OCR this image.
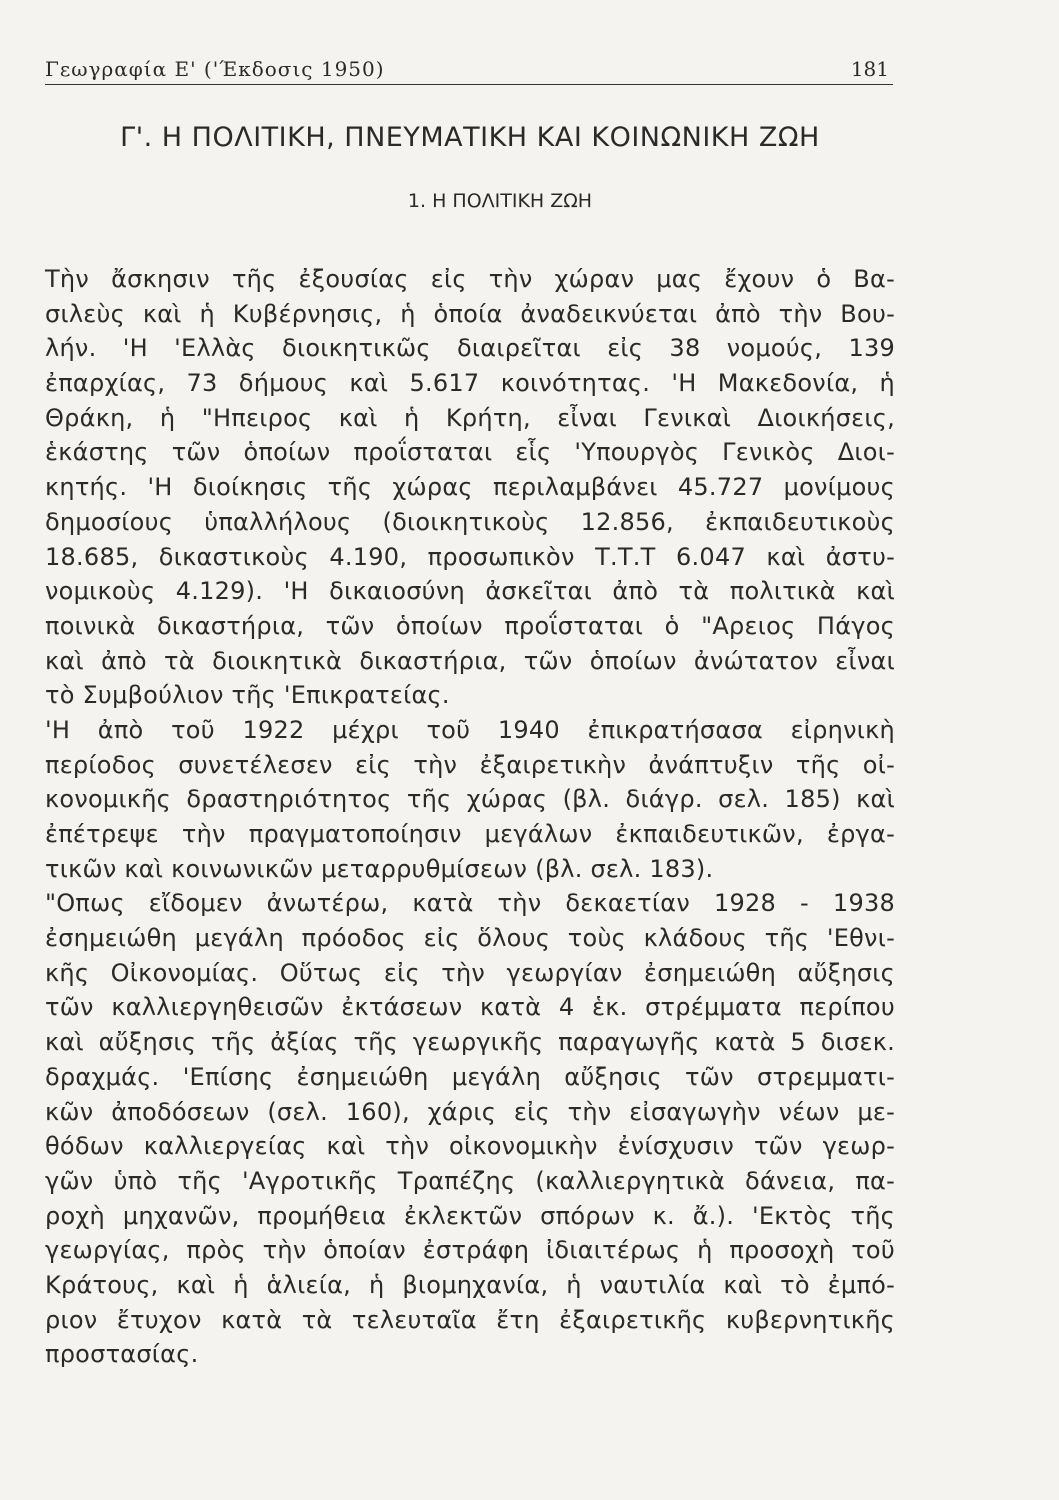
Γεωγραφία Ε' ('Έκδοσις 1950)	181
Γ'. Η ΠΟΛΙΤΙΚΗ, ΠΝΕΥΜΑΤΙΚΗ ΚΑΙ ΚΟΙΝΩΝΙΚΗ ΖΩΗ
1. Η ΠΟΛΙΤΙΚΗ ΖΩΗ
Τὴν ἄσκησιν τῆς ἐξουσίας εἰς τὴν χώραν μας ἔχουν ὁ Βα-
σιλεὺς καὶ ἡ Κυβέρνησις, ἡ ὁποία ἀναδεικνύεται ἀπὸ τὴν Βου-
λήν. 'Η 'Ελλὰς διοικητικῶς διαιρεῖται εἰς 38 νομούς, 139
ἐπαρχίας, 73 δήμους καὶ 5.617 κοινότητας. 'Η Μακεδονία, ἡ
Θράκη, ἡ "Ηπειρος καὶ ἡ Κρήτη, εἶναι Γενικαὶ Διοικήσεις,
ἑκάστης τῶν ὁποίων προΐσταται εἷς 'Υπουργὸς Γενικὸς Διοι-
κητής. 'Η διοίκησις τῆς χώρας περιλαμβάνει 45.727 μονίμους
δημοσίους ὑπαλλήλους (διοικητικοὺς 12.856, ἐκπαιδευτικοὺς
18.685, δικαστικοὺς 4.190, προσωπικὸν Τ.Τ.Τ 6.047 καὶ ἀστυ-
νομικοὺς 4.129). 'Η δικαιοσύνη ἀσκεῖται ἀπὸ τὰ πολιτικὰ καὶ
ποινικὰ δικαστήρια, τῶν ὁποίων προΐσταται ὁ "Αρειος Πάγος
καὶ ἀπὸ τὰ διοικητικὰ δικαστήρια, τῶν ὁποίων ἀνώτατον εἶναι
τὸ Συμβούλιον τῆς 'Επικρατείας.
'Η ἀπὸ τοῦ 1922 μέχρι τοῦ 1940 ἐπικρατήσασα εἰρηνικὴ
περίοδος συνετέλεσεν εἰς τὴν ἐξαιρετικὴν ἀνάπτυξιν τῆς οἰ-
κονομικῆς δραστηριότητος τῆς χώρας (βλ. διάγρ. σελ. 185) καὶ
ἐπέτρεψε τὴν πραγματοποίησιν μεγάλων ἐκπαιδευτικῶν, ἐργα-
τικῶν καὶ κοινωνικῶν μεταρρυθμίσεων (βλ. σελ. 183).
"Οπως εἴδομεν ἀνωτέρω, κατὰ τὴν δεκαετίαν 1928 - 1938
ἐσημειώθη μεγάλη πρόοδος εἰς ὅλους τοὺς κλάδους τῆς 'Εθνι-
κῆς Οἰκονομίας. Οὕτως εἰς τὴν γεωργίαν ἐσημειώθη αὔξησις
τῶν καλλιεργηθεισῶν ἐκτάσεων κατὰ 4 ἑκ. στρέμματα περίπου
καὶ αὔξησις τῆς ἀξίας τῆς γεωργικῆς παραγωγῆς κατὰ 5 δισεκ.
δραχμάς. 'Επίσης ἐσημειώθη μεγάλη αὔξησις τῶν στρεμματι-
κῶν ἀποδόσεων (σελ. 160), χάρις εἰς τὴν εἰσαγωγὴν νέων με-
θόδων καλλιεργείας καὶ τὴν οἰκονομικὴν ἐνίσχυσιν τῶν γεωρ-
γῶν ὑπὸ τῆς 'Αγροτικῆς Τραπέζης (καλλιεργητικὰ δάνεια, πα-
ροχὴ μηχανῶν, προμήθεια ἐκλεκτῶν σπόρων κ. ἄ.). 'Εκτὸς τῆς
γεωργίας, πρὸς τὴν ὁποίαν ἐστράφη ἰδιαιτέρως ἡ προσοχὴ τοῦ
Κράτους, καὶ ἡ ἁλιεία, ἡ βιομηχανία, ἡ ναυτιλία καὶ τὸ ἐμπό-
ριον ἔτυχον κατὰ τὰ τελευταῖα ἔτη ἐξαιρετικῆς κυβερνητικῆς
προστασίας.
